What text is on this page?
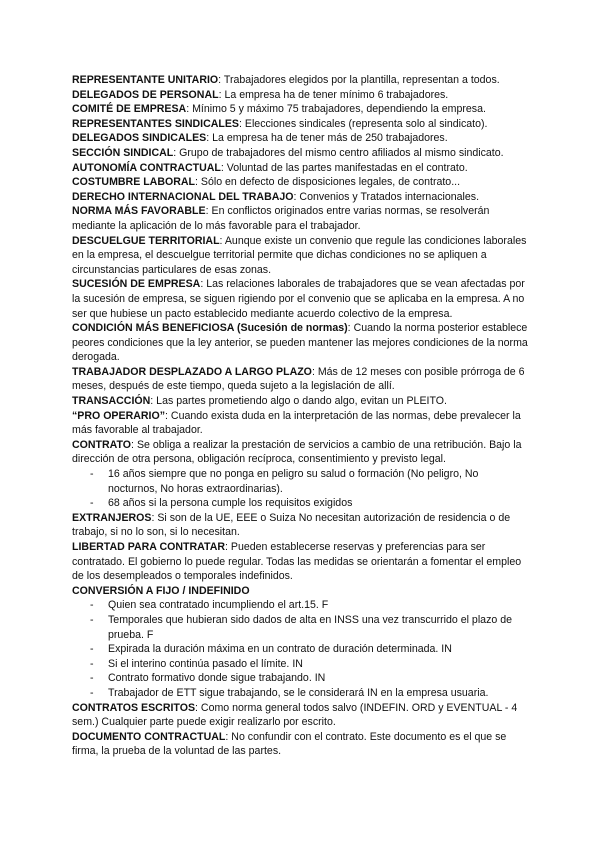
REPRESENTANTE UNITARIO: Trabajadores elegidos por la plantilla, representan a todos.

DELEGADOS DE PERSONAL: La empresa ha de tener mínimo 6 trabajadores.

COMITÉ DE EMPRESA: Mínimo 5 y máximo 75 trabajadores, dependiendo la empresa.

REPRESENTANTES SINDICALES: Elecciones sindicales (representa solo al sindicato).

DELEGADOS SINDICALES: La empresa ha de tener más de 250 trabajadores.

SECCIÓN SINDICAL: Grupo de trabajadores del mismo centro afiliados al mismo sindicato.

AUTONOMÍA CONTRACTUAL: Voluntad de las partes manifestadas en el contrato.

COSTUMBRE LABORAL: Sólo en defecto de disposiciones legales, de contrato...

DERECHO INTERNACIONAL DEL TRABAJO: Convenios y Tratados internacionales.

NORMA MÁS FAVORABLE: En conflictos originados entre varias normas, se resolverán mediante la aplicación de lo más favorable para el trabajador.

DESCUELGUE TERRITORIAL: Aunque existe un convenio que regule las condiciones laborales en la empresa, el descuelgue territorial permite que dichas condiciones no se apliquen a circunstancias particulares de esas zonas.

SUCESIÓN DE EMPRESA: Las relaciones laborales de trabajadores que se vean afectadas por la sucesión de empresa, se siguen rigiendo por el convenio que se aplicaba en la empresa. A no ser que hubiese un pacto establecido mediante acuerdo colectivo de la empresa.

CONDICIÓN MÁS BENEFICIOSA (Sucesión de normas): Cuando la norma posterior establece peores condiciones que la ley anterior, se pueden mantener las mejores condiciones de la norma derogada.

TRABAJADOR DESPLAZADO A LARGO PLAZO: Más de 12 meses con posible prórroga de 6 meses, después de este tiempo, queda sujeto a la legislación de allí.

TRANSACCIÓN: Las partes prometiendo algo o dando algo, evitan un PLEITO.

“PRO OPERARIO”: Cuando exista duda en la interpretación de las normas, debe prevalecer la más favorable al trabajador.

CONTRATO: Se obliga a realizar la prestación de servicios a cambio de una retribución. Bajo la dirección de otra persona, obligación recíproca, consentimiento y previsto legal.

- 16 años siempre que no ponga en peligro su salud o formación (No peligro, No nocturnos, No horas extraordinarias).
- 68 años si la persona cumple los requisitos exigidos

EXTRANJEROS: Si son de la UE, EEE o Suiza No necesitan autorización de residencia o de trabajo, si no lo son, si lo necesitan.

LIBERTAD PARA CONTRATAR: Pueden establecerse reservas y preferencias para ser contratado. El gobierno lo puede regular. Todas las medidas se orientarán a fomentar el empleo de los desempleados o temporales indefinidos.

CONVERSIÓN A FIJO / INDEFINIDO

- Quien sea contratado incumpliendo el art.15. F
- Temporales que hubieran sido dados de alta en INSS una vez transcurrido el plazo de prueba. F
- Expirada la duración máxima en un contrato de duración determinada. IN
- Si el interino continúa pasado el límite. IN
- Contrato formativo donde sigue trabajando. IN
- Trabajador de ETT sigue trabajando, se le considerará IN en la empresa usuaria.

CONTRATOS ESCRITOS: Como norma general todos salvo (INDEFIN. ORD y EVENTUAL - 4 sem.) Cualquier parte puede exigir realizarlo por escrito.

DOCUMENTO CONTRACTUAL: No confundir con el contrato. Este documento es el que se firma, la prueba de la voluntad de las partes.
